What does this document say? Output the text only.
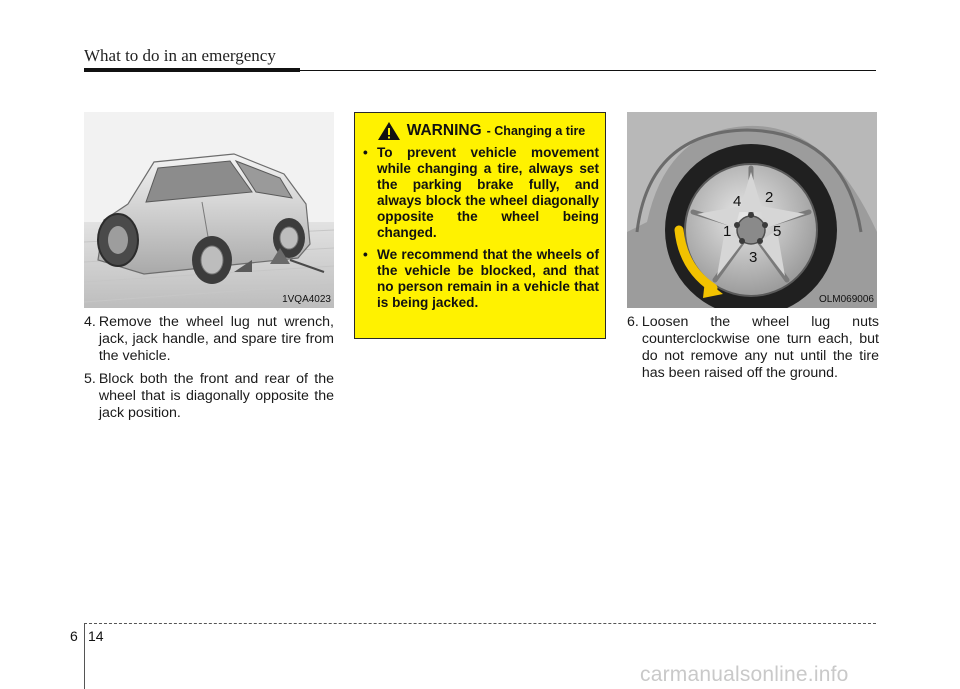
What to do in an emergency
1VQA4023
4. Remove the wheel lug nut wrench, jack, jack handle, and spare tire from the vehicle.
5. Block both the front and rear of the wheel that is diagonally opposite the jack position.
WARNING - Changing a tire
• To prevent vehicle movement while changing a tire, always set the parking brake fully, and always block the wheel diagonally opposite the wheel being changed.
• We recommend that the wheels of the vehicle be blocked, and that no person remain in a vehicle that is being jacked.
1
2
3
4
5
OLM069006
6. Loosen the wheel lug nuts counterclockwise one turn each, but do not remove any nut until the tire has been raised off the ground.
6 14
carmanualsonline.info
